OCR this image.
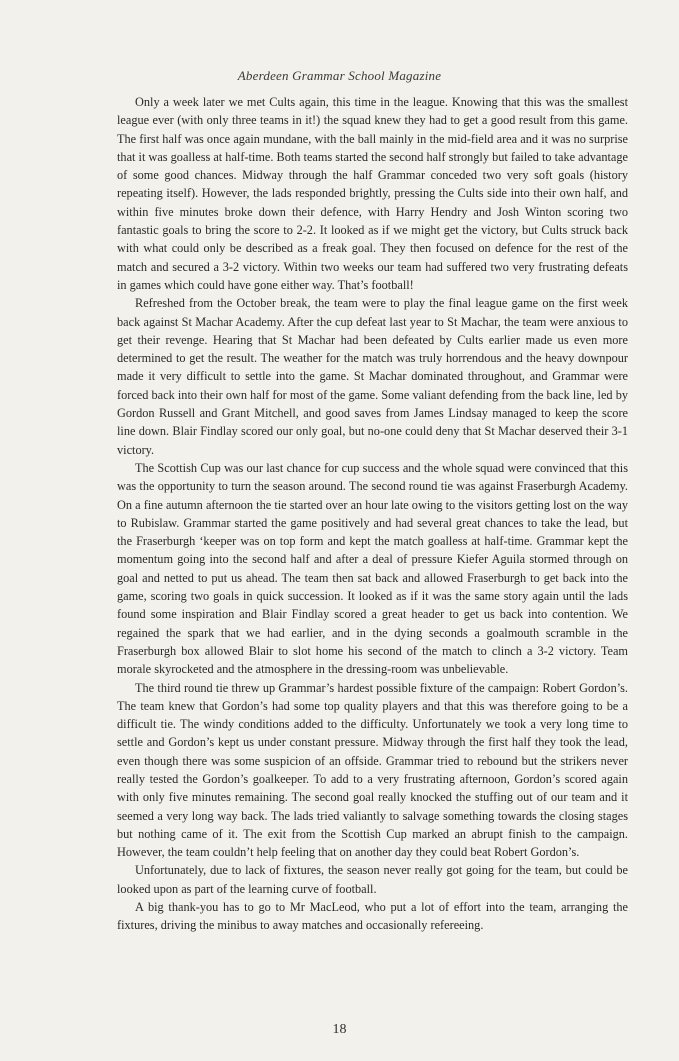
Aberdeen Grammar School Magazine

Only a week later we met Cults again, this time in the league. Knowing that this was the smallest league ever (with only three teams in it!) the squad knew they had to get a good result from this game. The first half was once again mundane, with the ball mainly in the mid-field area and it was no surprise that it was goalless at half-time. Both teams started the second half strongly but failed to take advantage of some good chances. Midway through the half Grammar conceded two very soft goals (history repeating itself). However, the lads responded brightly, pressing the Cults side into their own half, and within five minutes broke down their defence, with Harry Hendry and Josh Winton scoring two fantastic goals to bring the score to 2-2. It looked as if we might get the victory, but Cults struck back with what could only be described as a freak goal. They then focused on defence for the rest of the match and secured a 3-2 victory. Within two weeks our team had suffered two very frustrating defeats in games which could have gone either way. That’s football!

Refreshed from the October break, the team were to play the final league game on the first week back against St Machar Academy. After the cup defeat last year to St Machar, the team were anxious to get their revenge. Hearing that St Machar had been defeated by Cults earlier made us even more determined to get the result. The weather for the match was truly horrendous and the heavy downpour made it very difficult to settle into the game. St Machar dominated throughout, and Grammar were forced back into their own half for most of the game. Some valiant defending from the back line, led by Gordon Russell and Grant Mitchell, and good saves from James Lindsay managed to keep the score line down. Blair Findlay scored our only goal, but no-one could deny that St Machar deserved their 3-1 victory.

The Scottish Cup was our last chance for cup success and the whole squad were convinced that this was the opportunity to turn the season around. The second round tie was against Fraserburgh Academy. On a fine autumn afternoon the tie started over an hour late owing to the visitors getting lost on the way to Rubislaw. Grammar started the game positively and had several great chances to take the lead, but the Fraserburgh ‘keeper was on top form and kept the match goalless at half-time. Grammar kept the momentum going into the second half and after a deal of pressure Kiefer Aguila stormed through on goal and netted to put us ahead. The team then sat back and allowed Fraserburgh to get back into the game, scoring two goals in quick succession. It looked as if it was the same story again until the lads found some inspiration and Blair Findlay scored a great header to get us back into contention. We regained the spark that we had earlier, and in the dying seconds a goalmouth scramble in the Fraserburgh box allowed Blair to slot home his second of the match to clinch a 3-2 victory. Team morale skyrocketed and the atmosphere in the dressing-room was unbelievable.

The third round tie threw up Grammar’s hardest possible fixture of the campaign: Robert Gordon’s. The team knew that Gordon’s had some top quality players and that this was therefore going to be a difficult tie. The windy conditions added to the difficulty. Unfortunately we took a very long time to settle and Gordon’s kept us under constant pressure. Midway through the first half they took the lead, even though there was some suspicion of an offside. Grammar tried to rebound but the strikers never really tested the Gordon’s goalkeeper. To add to a very frustrating afternoon, Gordon’s scored again with only five minutes remaining. The second goal really knocked the stuffing out of our team and it seemed a very long way back. The lads tried valiantly to salvage something towards the closing stages but nothing came of it. The exit from the Scottish Cup marked an abrupt finish to the campaign. However, the team couldn’t help feeling that on another day they could beat Robert Gordon’s.

Unfortunately, due to lack of fixtures, the season never really got going for the team, but could be looked upon as part of the learning curve of football.

A big thank-you has to go to Mr MacLeod, who put a lot of effort into the team, arranging the fixtures, driving the minibus to away matches and occasionally refereeing.

18
